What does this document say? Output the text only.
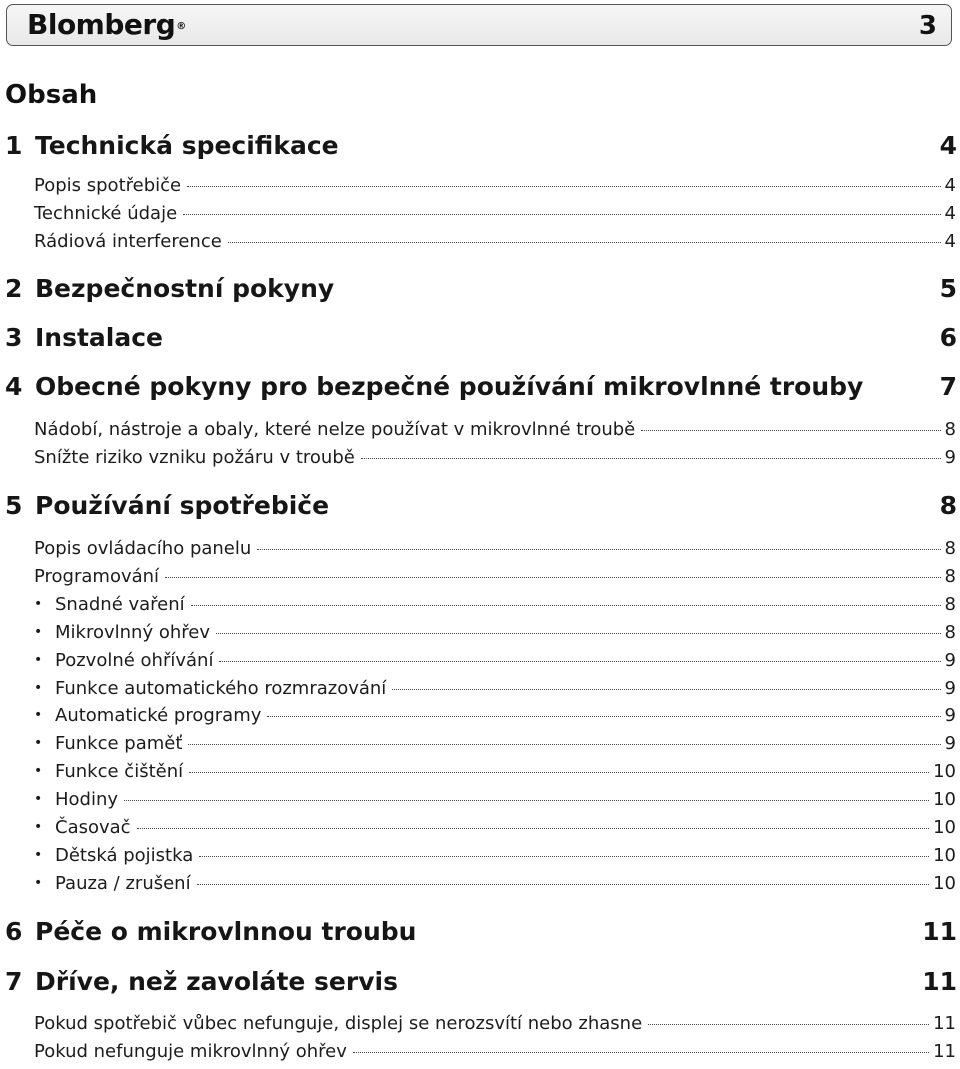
Blomberg®	3
Obsah
1 Technická specifikace	4
Popis spotřebiče	4
Technické údaje	4
Rádiová interference	4
2 Bezpečnostní pokyny	5
3 Instalace	6
4 Obecné pokyny pro bezpečné používání mikrovlnné trouby	7
Nádobí, nástroje a obaly, které nelze používat v mikrovlnné troubě	8
Snížte riziko vzniku požáru v troubě	9
5 Používání spotřebiče	8
Popis ovládacího panelu	8
Programování	8
• Snadné vaření	8
• Mikrovlnný ohřev	8
• Pozvolné ohřívání	9
• Funkce automatického rozmrazování	9
• Automatické programy	9
• Funkce paměť	9
• Funkce čištění	10
• Hodiny	10
• Časovač	10
• Dětská pojistka	10
• Pauza / zrušení	10
6 Péče o mikrovlnnou troubu	11
7 Dříve, než zavoláte servis	11
Pokud spotřebič vůbec nefunguje, displej se nerozsvítí nebo zhasne	11
Pokud nefunguje mikrovlnný ohřev	11
